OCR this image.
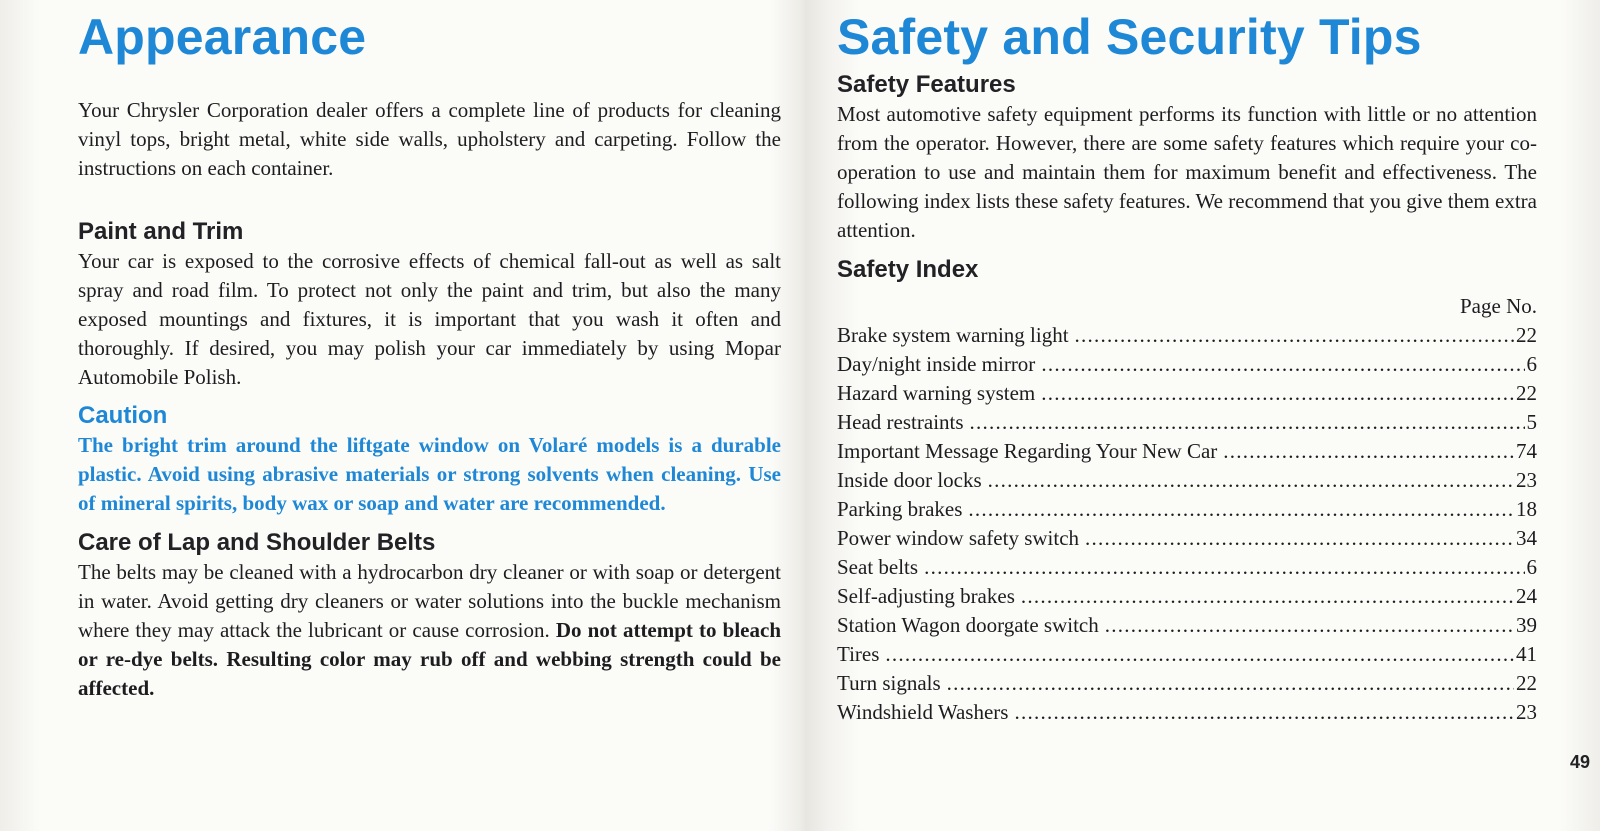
Appearance

Your Chrysler Corporation dealer offers a complete line of products for cleaning vinyl tops, bright metal, white side walls, upholstery and carpeting. Follow the instructions on each container.

Paint and Trim

Your car is exposed to the corrosive effects of chemical fall-out as well as salt spray and road film. To protect not only the paint and trim, but also the many exposed mountings and fixtures, it is important that you wash it often and thoroughly. If desired, you may polish your car immediately by using Mopar Automobile Polish.

Caution

The bright trim around the liftgate window on Volaré models is a durable plastic. Avoid using abrasive materials or strong solvents when cleaning. Use of mineral spirits, body wax or soap and water are recommended.

Care of Lap and Shoulder Belts

The belts may be cleaned with a hydrocarbon dry cleaner or with soap or detergent in water. Avoid getting dry cleaners or water solutions into the buckle mechanism where they may attack the lubricant or cause corrosion. Do not attempt to bleach or re-dye belts. Resulting color may rub off and webbing strength could be affected.

Safety and Security Tips
Safety Features

Most automotive safety equipment performs its function with little or no attention from the operator. However, there are some safety features which require your co-operation to use and maintain them for maximum benefit and effectiveness. The following index lists these safety features. We recommend that you give them extra attention.

Safety Index
Page No.
Brake system warning light . . .	22
Day/night inside mirror . . .	6
Hazard warning system . . .	22
Head restraints . . .	5
Important Message Regarding Your New Car . . .	74
Inside door locks . . .	23
Parking brakes . . .	18
Power window safety switch . . .	34
Seat belts . . .	6
Self-adjusting brakes . . .	24
Station Wagon doorgate switch . . .	39
Tires . . .	41
Turn signals . . .	22
Windshield Washers . . .	23
49
